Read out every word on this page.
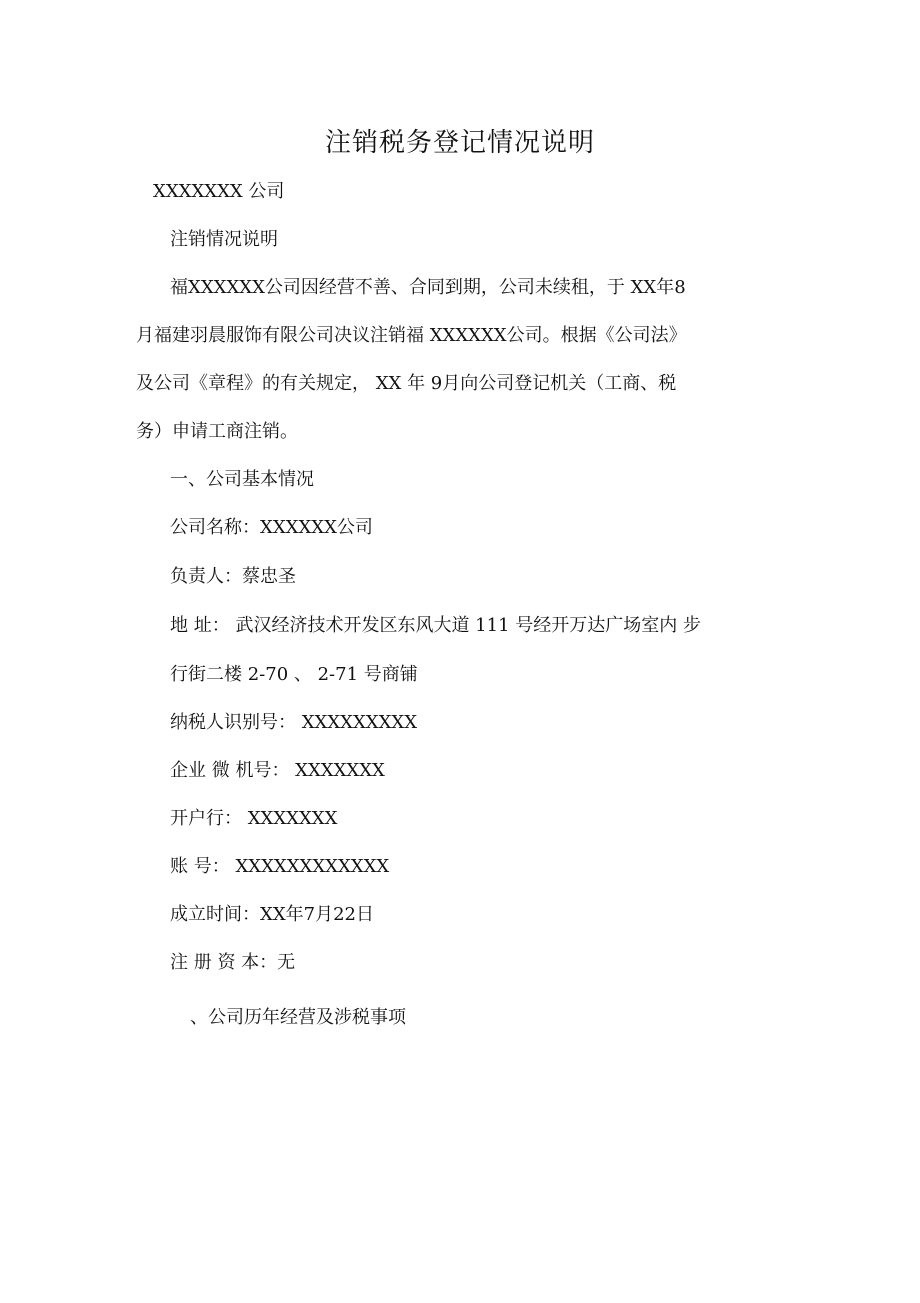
注销税务登记情况说明
XXXXXXX 公司
注销情况说明
福XXXXXX公司因经营不善、合同到期，公司未续租，于 XX年8
月福建羽晨服饰有限公司决议注销福 XXXXXX公司。根据《公司法》
及公司《章程》的有关规定， XX 年 9月向公司登记机关（工商、税
务）申请工商注销。
一、公司基本情况
公司名称：XXXXXX公司
负责人：蔡忠圣
地 址： 武汉经济技术开发区东风大道 111 号经开万达广场室内 步
行街二楼 2-70 、 2-71 号商铺
纳税人识别号： XXXXXXXXX
企业 微 机号： XXXXXXX
开户行： XXXXXXX
账 号： XXXXXXXXXXXX
成立时间：XX年7月22日
注 册 资 本：无
、公司历年经营及涉税事项
